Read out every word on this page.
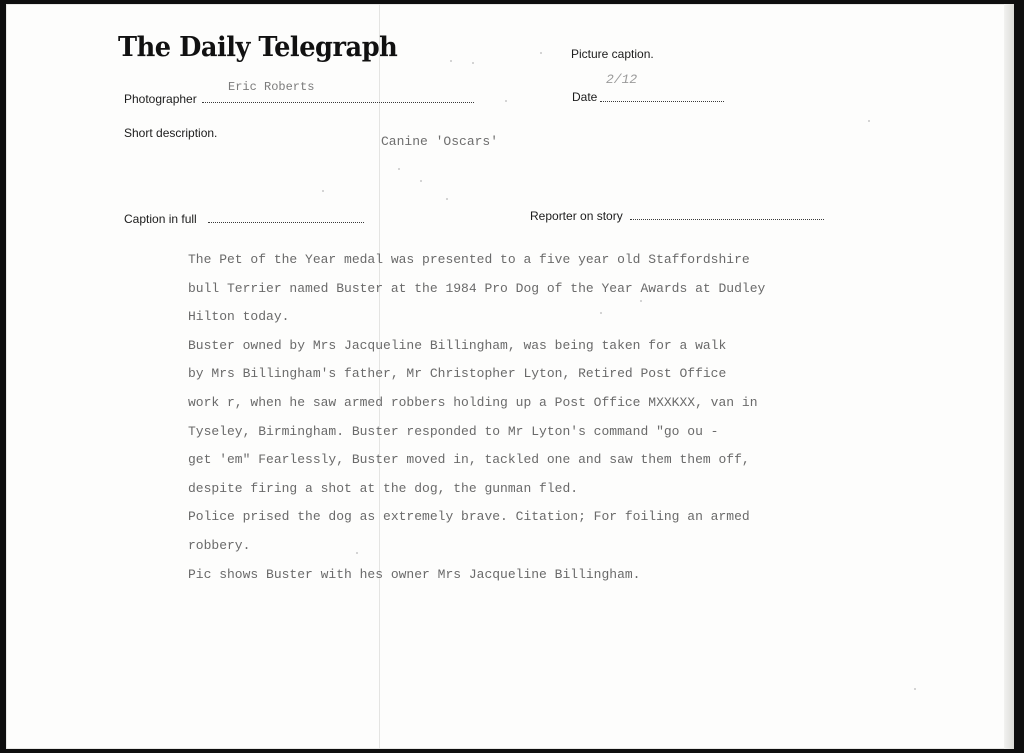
The Daily Telegraph	Picture caption.
Photographer
Eric Roberts
Date
2/12
Short description.
Canine 'Oscars'
Caption in full	Reporter on story
The Pet of the Year medal was presented to a five year old Staffordshire
bull Terrier named Buster at the 1984 Pro Dog of the Year Awards at Dudley
Hilton today.
Buster owned by Mrs Jacqueline Billingham, was being taken for a walk
by Mrs Billingham's father, Mr Christopher Lyton, Retired Post Office
work r, when he saw armed robbers holding up a Post Office MXXKXX, van in
Tyseley, Birmingham. Buster responded to Mr Lyton's command "go ou -
get 'em" Fearlessly, Buster moved in, tackled one and saw them them off,
despite firing a shot at the dog, the gunman fled.
Police prised the dog as extremely brave. Citation; For foiling an armed
robbery.
Pic shows Buster with hes owner Mrs Jacqueline Billingham.
